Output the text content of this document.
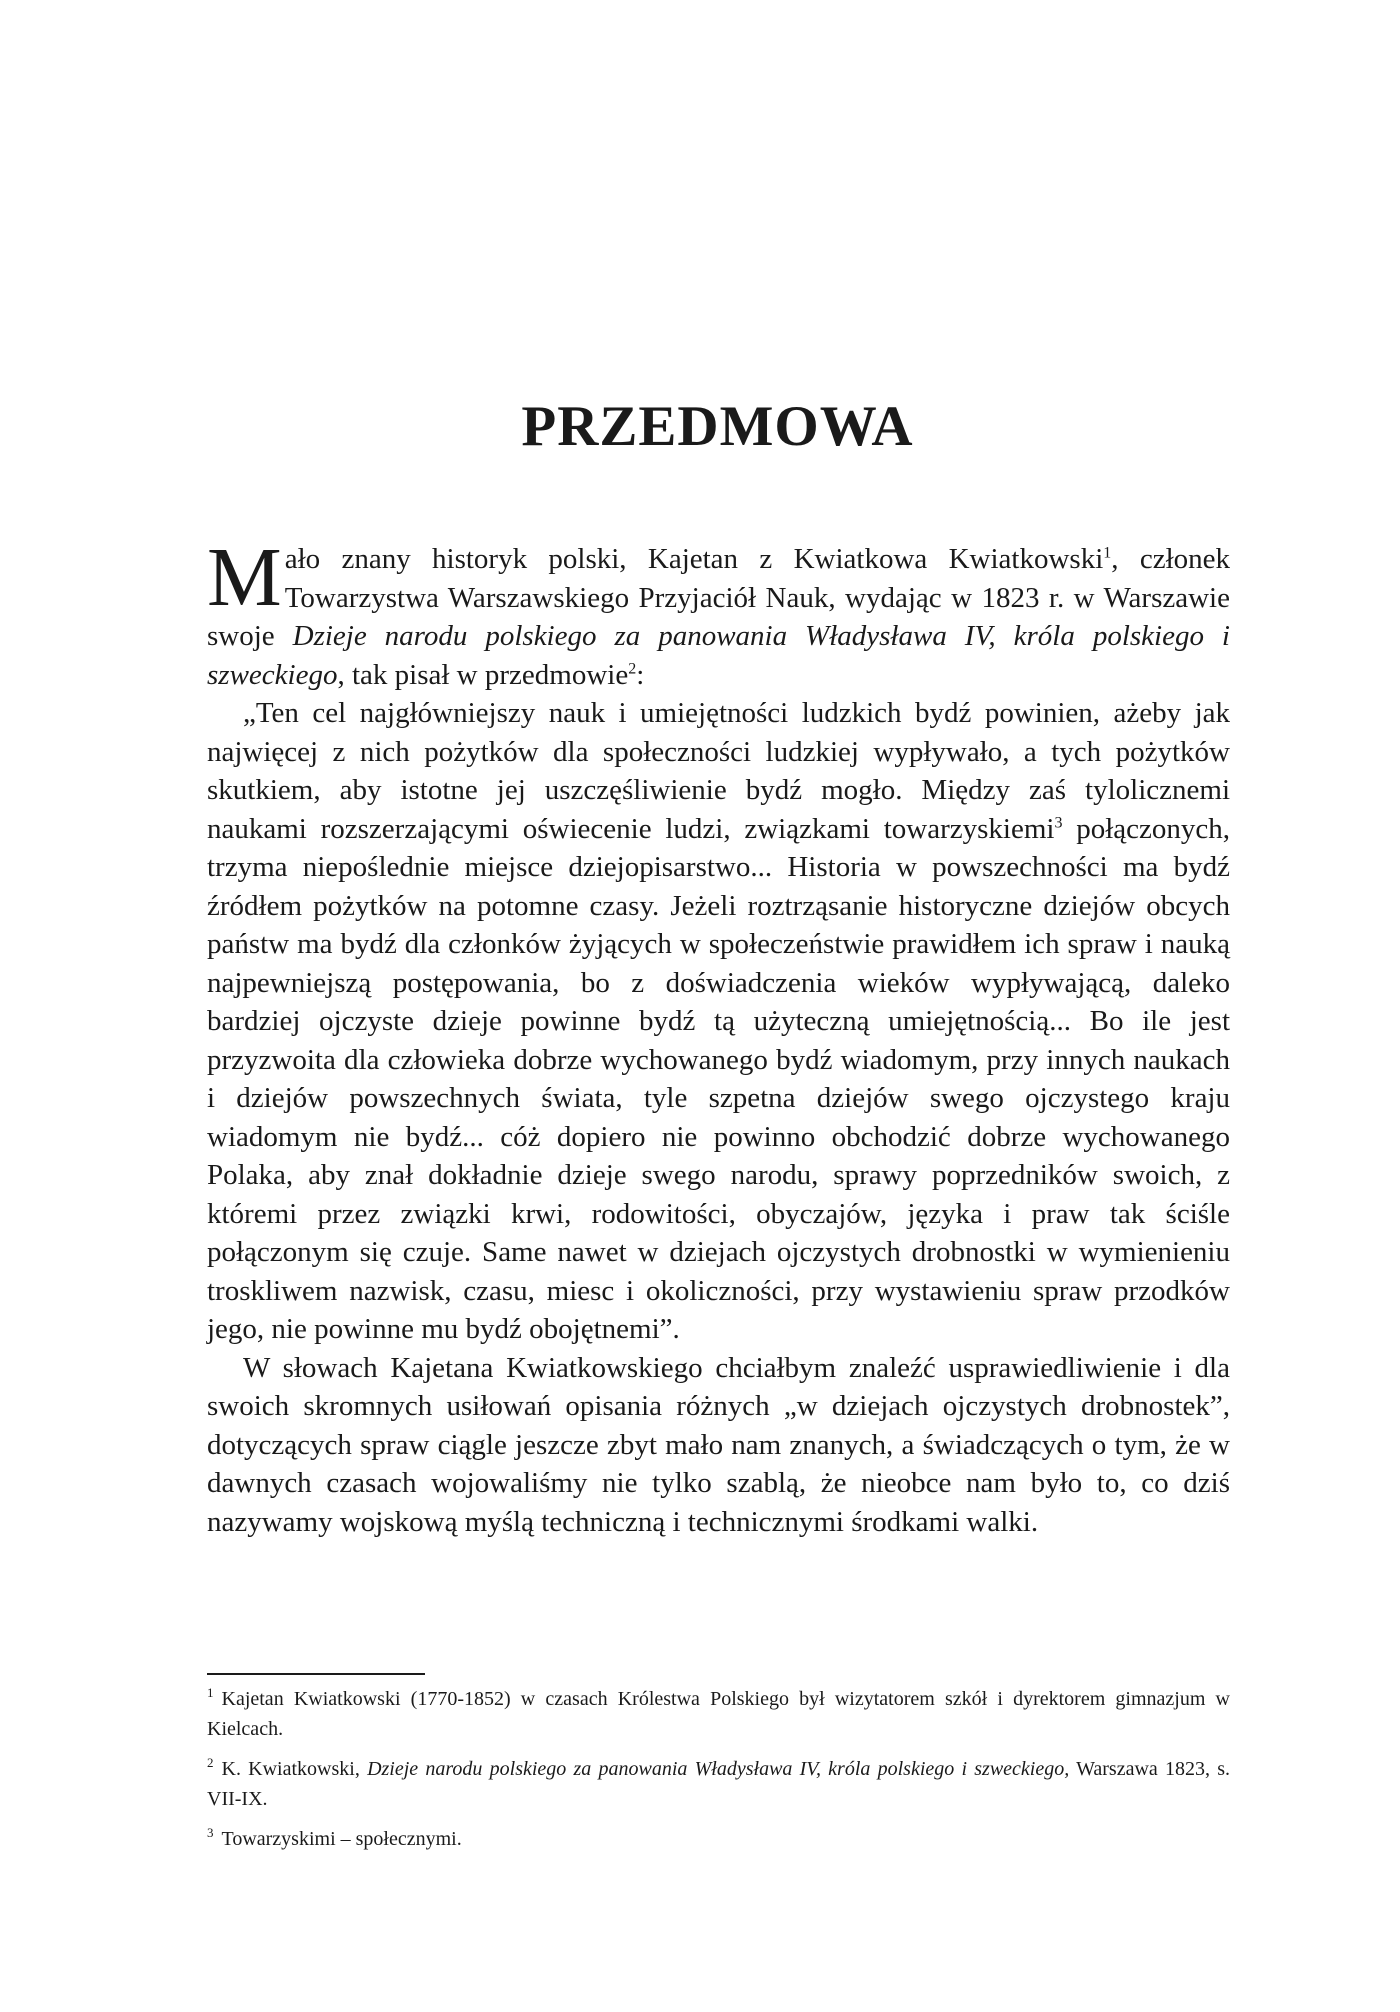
PRZEDMOWA

Mało znany historyk polski, Kajetan z Kwiatkowa Kwiatkowski$^1$, członek Towarzystwa Warszawskiego Przyjaciół Nauk, wydając w 1823 r. w Warszawie swoje Dzieje narodu polskiego za panowania Władysława IV, króla polskiego i szweckiego, tak pisał w przedmowie$^2$:

„Ten cel najgłówniejszy nauk i umiejętności ludzkich bydź powinien, ażeby jak najwięcej z nich pożytków dla społeczności ludzkiej wypływało, a tych pożytków skutkiem, aby istotne jej uszczęśliwienie bydź mogło. Między zaś tylolicznemi naukami rozszerzającymi oświecenie ludzi, związkami towarzyskiemi$^3$ połączonych, trzyma niepoślednie miejsce dziejopisarstwo... Historia w powszechności ma bydź źródłem pożytków na potomne czasy. Jeżeli roztrząsanie historyczne dziejów obcych państw ma bydź dla członków żyjących w społeczeństwie prawidłem ich spraw i nauką najpewniejszą postępowania, bo z doświadczenia wieków wypływającą, daleko bardziej ojczyste dzieje powinne bydź tą użyteczną umiejętnością... Bo ile jest przyzwoita dla człowieka dobrze wychowanego bydź wiadomym, przy innych naukach i dziejów powszechnych świata, tyle szpetna dziejów swego ojczystego kraju wiadomym nie bydź... cóż dopiero nie powinno obchodzić dobrze wychowanego Polaka, aby znał dokładnie dzieje swego narodu, sprawy poprzedników swoich, z któremi przez związki krwi, rodowitości, obyczajów, języka i praw tak ściśle połączonym się czuje. Same nawet w dziejach ojczystych drobnostki w wymienieniu troskliwem nazwisk, czasu, miesc i okoliczności, przy wystawieniu spraw przodków jego, nie powinne mu bydź obojętnemi”.

W słowach Kajetana Kwiatkowskiego chciałbym znaleźć usprawiedliwienie i dla swoich skromnych usiłowań opisania różnych „w dziejach ojczystych drobnostek”, dotyczących spraw ciągle jeszcze zbyt mało nam znanych, a świadczących o tym, że w dawnych czasach wojowaliśmy nie tylko szablą, że nieobce nam było to, co dziś nazywamy wojskową myślą techniczną i technicznymi środkami walki.

$^1$ Kajetan Kwiatkowski (1770-1852) w czasach Królestwa Polskiego był wizytatorem szkół i dyrektorem gimnazjum w Kielcach.

$^2$ K. Kwiatkowski, Dzieje narodu polskiego za panowania Władysława IV, króla polskiego i szweckiego, Warszawa 1823, s. VII-IX.

$^3$ Towarzyskimi – społecznymi.
